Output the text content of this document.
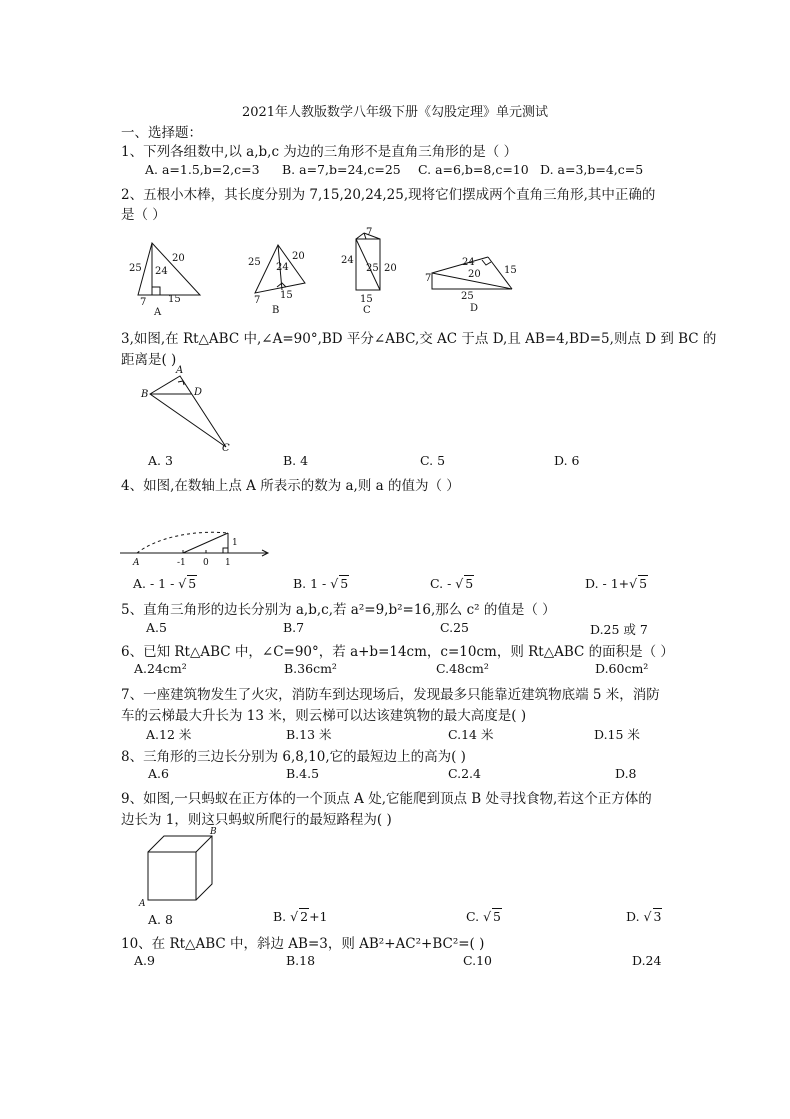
2021年人教版数学八年级下册《勾股定理》单元测试
一、选择题：
1、下列各组数中,以 a,b,c 为边的三角形不是直角三角形的是（ ）
A. a=1.5,b=2,c=3 B. a=7,b=24,c=25 C. a=6,b=8,c=10 D. a=3,b=4,c=5
2、五根小木棒，其长度分别为 7,15,20,24,25,现将它们摆成两个直角三角形,其中正确的
是（ ）
25
20
24
7 15
A
25
20
24
7 15
B
7
24
25 20
15
C
24
20
7
15
25
D
3,如图,在 Rt△ABC 中,∠A=90°,BD 平分∠ABC,交 AC 于点 D,且 AB=4,BD=5,则点 D 到 BC 的
距离是( )
A
B
C
D
A. 3	B. 4	C. 5	D. 6
4、如图,在数轴上点 A 所表示的数为 a,则 a 的值为（ ）
A	-1 0 1
1
A. - 1 - √ 5	B. 1 - √ 5	C. - √ 5	D. - 1+√ 5
5、直角三角形的边长分别为 a,b,c,若 a²=9,b²=16,那么 c² 的值是（ ）
A.5	B.7	C.25	D.25 或 7
6、已知 Rt△ABC 中，∠C=90°，若 a+b=14cm，c=10cm，则 Rt△ABC 的面积是（ ）
A.24cm²	B.36cm²	C.48cm²	D.60cm²
7、一座建筑物发生了火灾，消防车到达现场后，发现最多只能靠近建筑物底端 5 米，消防
车的云梯最大升长为 13 米，则云梯可以达该建筑物的最大高度是( )
A.12 米	B.13 米	C.14 米	D.15 米
8、三角形的三边长分别为 6,8,10,它的最短边上的高为( )
A.6	B.4.5	C.2.4	D.8
9、如图,一只蚂蚁在正方体的一个顶点 A 处,它能爬到顶点 B 处寻找食物,若这个正方体的
边长为 1，则这只蚂蚁所爬行的最短路程为( )
A
B
A. 8	B. √ 2+1	C. √ 5	D. √ 3
10、在 Rt△ABC 中，斜边 AB=3，则 AB²+AC²+BC²=( )
A.9	B.18	C.10	D.24
